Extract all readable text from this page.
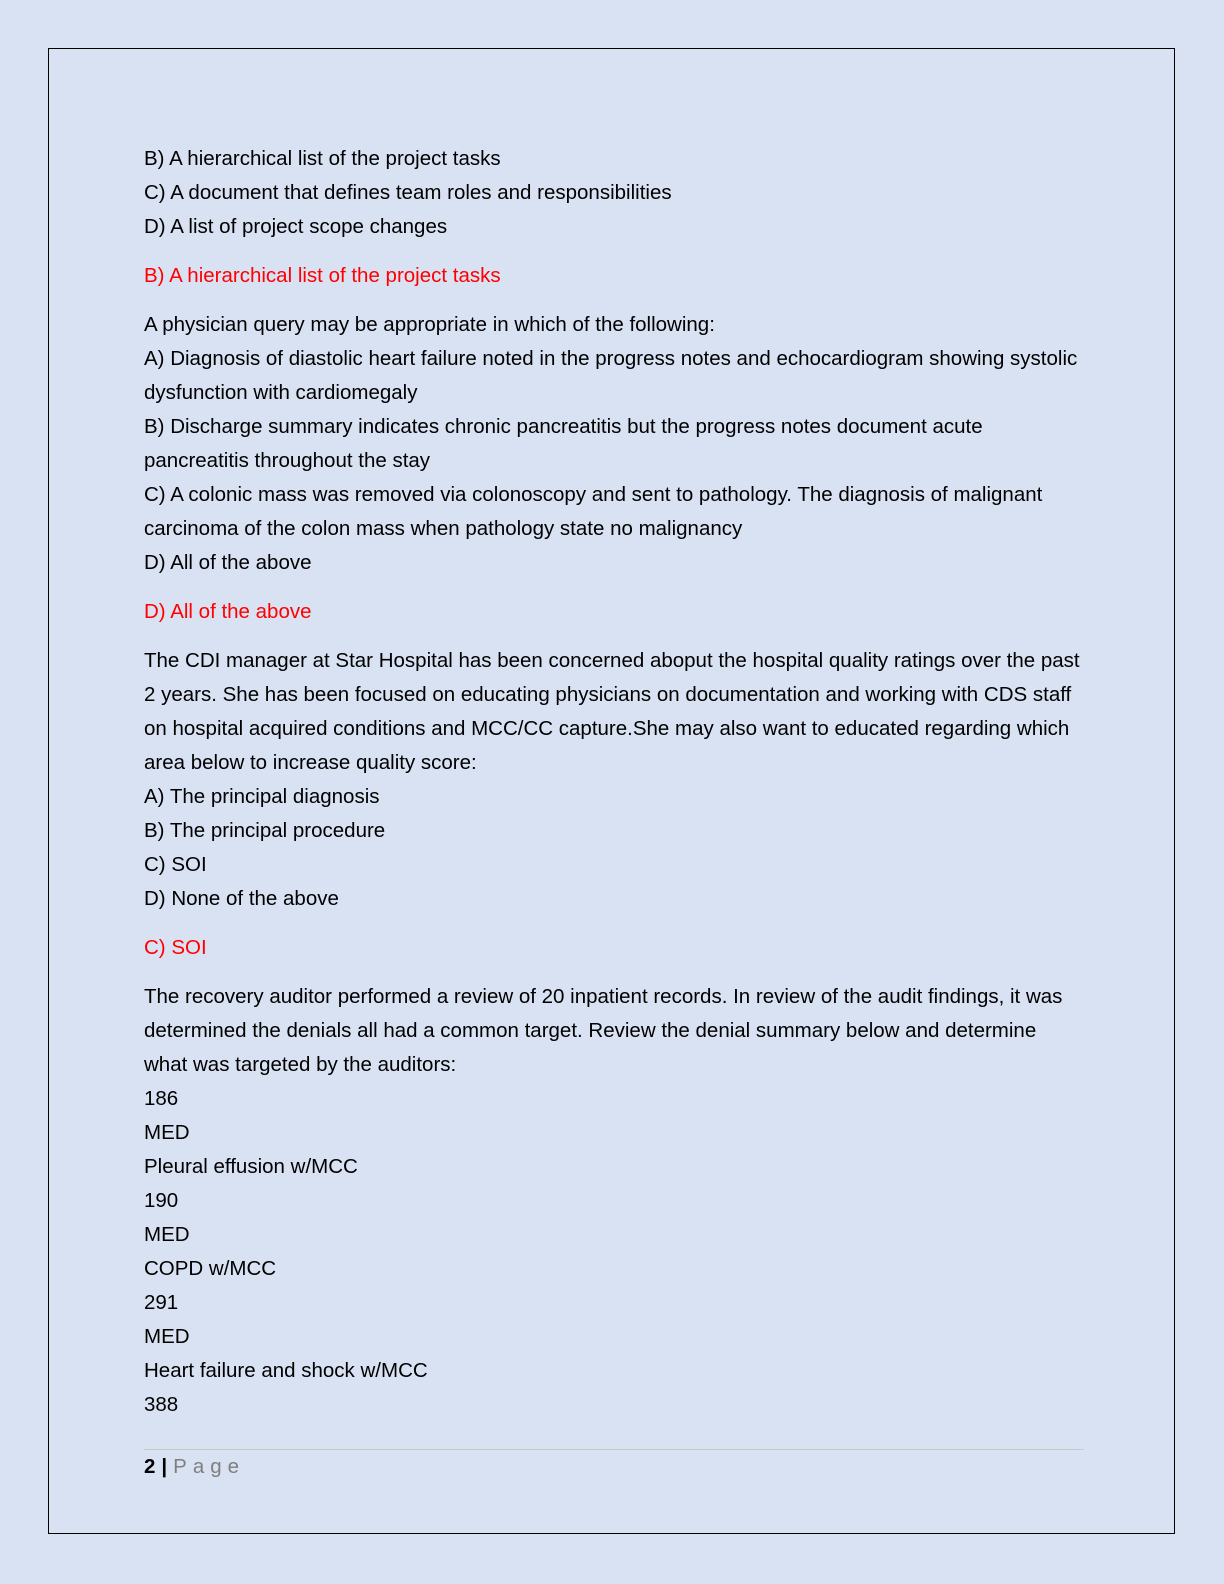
B) A hierarchical list of the project tasks

C) A document that defines team roles and responsibilities

D) A list of project scope changes

B) A hierarchical list of the project tasks

A physician query may be appropriate in which of the following:

A) Diagnosis of diastolic heart failure noted in the progress notes and echocardiogram showing systolic dysfunction with cardiomegaly

B) Discharge summary indicates chronic pancreatitis but the progress notes document acute pancreatitis throughout the stay

C) A colonic mass was removed via colonoscopy and sent to pathology. The diagnosis of malignant carcinoma of the colon mass when pathology state no malignancy

D) All of the above

D) All of the above

The CDI manager at Star Hospital has been concerned aboput the hospital quality ratings over the past 2 years. She has been focused on educating physicians on documentation and working with CDS staff on hospital acquired conditions and MCC/CC capture.She may also want to educated regarding which area below to increase quality score:

A) The principal diagnosis

B) The principal procedure

C) SOI

D) None of the above

C) SOI

The recovery auditor performed a review of 20 inpatient records. In review of the audit findings, it was determined the denials all had a common target. Review the denial summary below and determine what was targeted by the auditors:

186

MED

Pleural effusion w/MCC

190

MED

COPD w/MCC

291

MED

Heart failure and shock w/MCC

388

2 | Page
